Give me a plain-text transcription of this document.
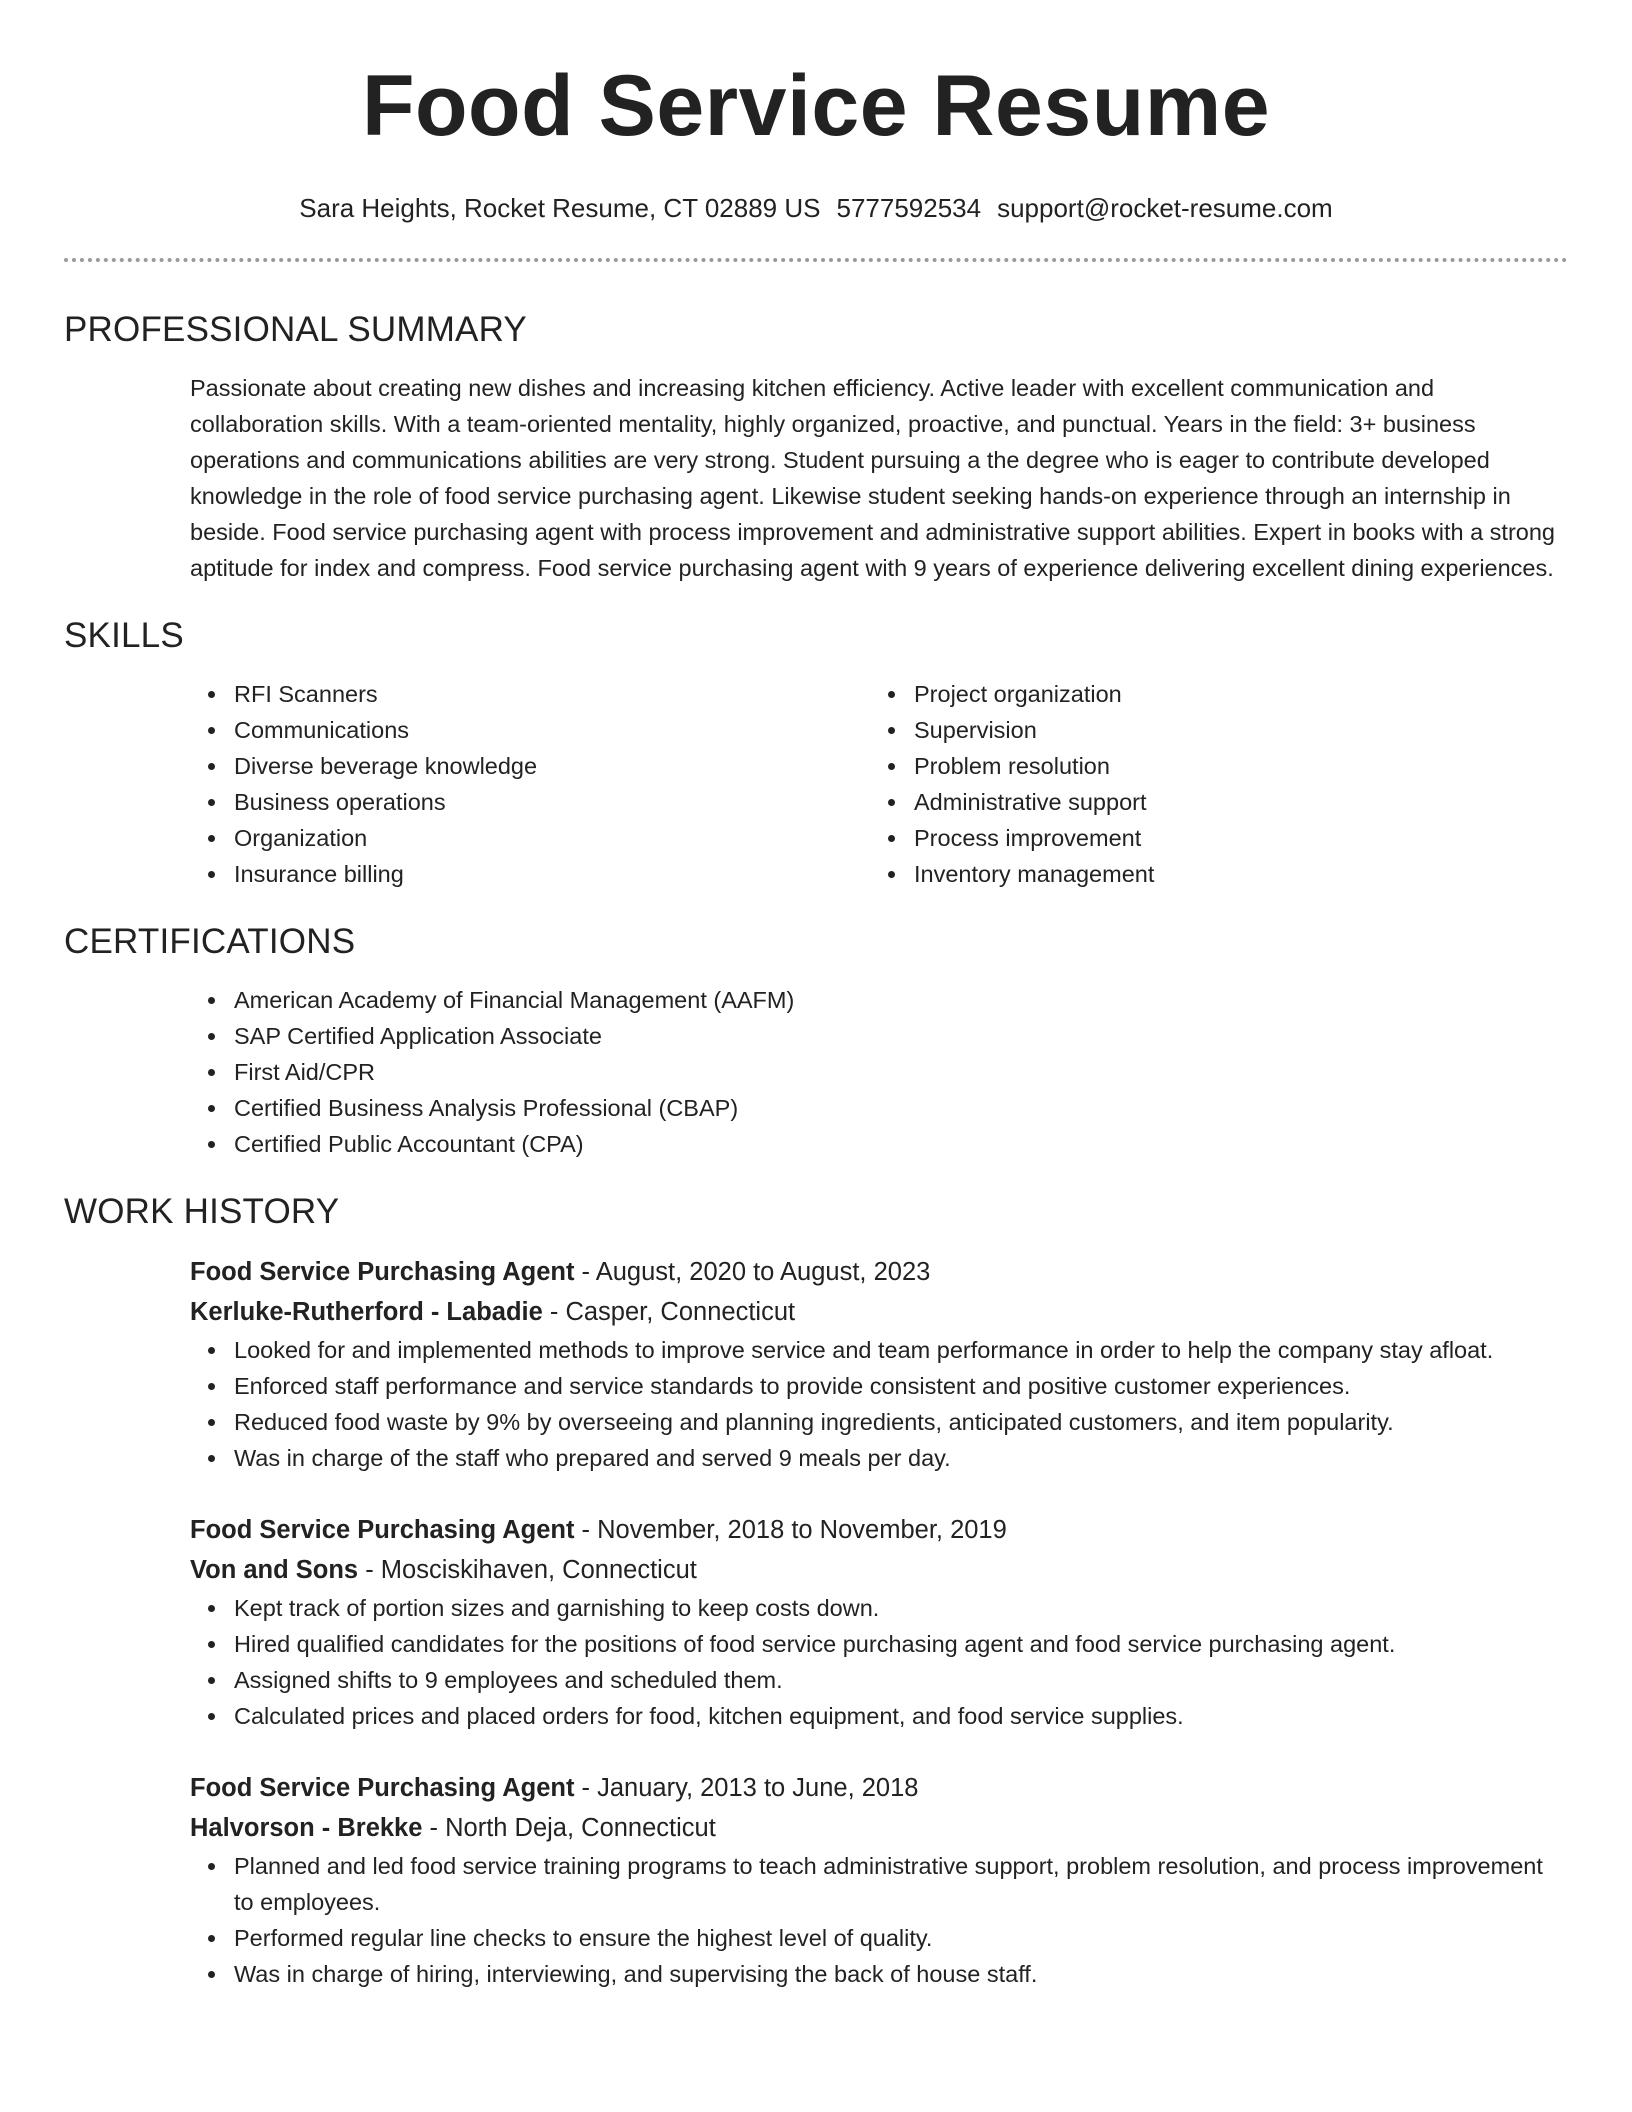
Food Service Resume
Sara Heights, Rocket Resume, CT 02889 US 5777592534 support@rocket-resume.com
PROFESSIONAL SUMMARY
Passionate about creating new dishes and increasing kitchen efficiency. Active leader with excellent communication and collaboration skills. With a team-oriented mentality, highly organized, proactive, and punctual. Years in the field: 3+ business operations and communications abilities are very strong. Student pursuing a the degree who is eager to contribute developed knowledge in the role of food service purchasing agent. Likewise student seeking hands-on experience through an internship in beside. Food service purchasing agent with process improvement and administrative support abilities. Expert in books with a strong aptitude for index and compress. Food service purchasing agent with 9 years of experience delivering excellent dining experiences.
SKILLS
RFI Scanners
Communications
Diverse beverage knowledge
Business operations
Organization
Insurance billing
Project organization
Supervision
Problem resolution
Administrative support
Process improvement
Inventory management
CERTIFICATIONS
American Academy of Financial Management (AAFM)
SAP Certified Application Associate
First Aid/CPR
Certified Business Analysis Professional (CBAP)
Certified Public Accountant (CPA)
WORK HISTORY
Food Service Purchasing Agent - August, 2020 to August, 2023
Kerluke-Rutherford - Labadie - Casper, Connecticut
Looked for and implemented methods to improve service and team performance in order to help the company stay afloat.
Enforced staff performance and service standards to provide consistent and positive customer experiences.
Reduced food waste by 9% by overseeing and planning ingredients, anticipated customers, and item popularity.
Was in charge of the staff who prepared and served 9 meals per day.
Food Service Purchasing Agent - November, 2018 to November, 2019
Von and Sons - Mosciskihaven, Connecticut
Kept track of portion sizes and garnishing to keep costs down.
Hired qualified candidates for the positions of food service purchasing agent and food service purchasing agent.
Assigned shifts to 9 employees and scheduled them.
Calculated prices and placed orders for food, kitchen equipment, and food service supplies.
Food Service Purchasing Agent - January, 2013 to June, 2018
Halvorson - Brekke - North Deja, Connecticut
Planned and led food service training programs to teach administrative support, problem resolution, and process improvement to employees.
Performed regular line checks to ensure the highest level of quality.
Was in charge of hiring, interviewing, and supervising the back of house staff.
